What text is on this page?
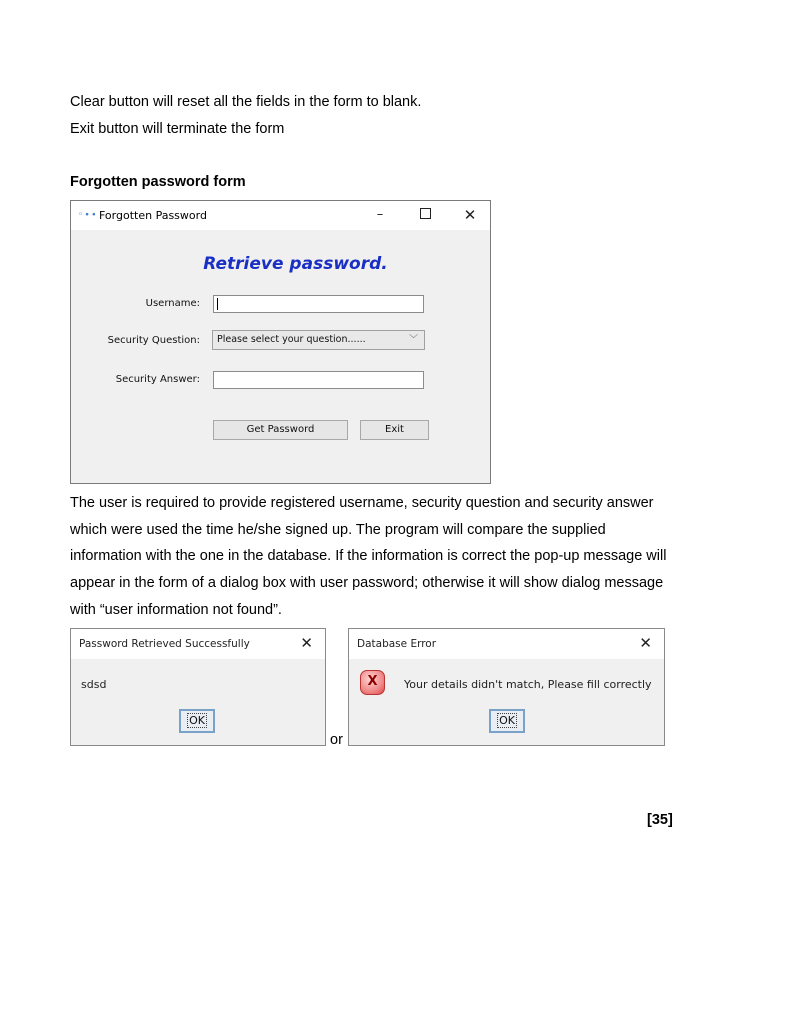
Clear button will reset all the fields in the form to blank.

Exit button will terminate the form

Forgotten password form

◦∙∙ Forgotten Password	–	✕
Retrieve password.
Username:
Security Question:	Please select your question......	﹀
Security Answer:
Get Password	Exit

The user is required to provide registered username, security question and security answer

which were used the time he/she signed up. The program will compare the supplied

information with the one in the database. If the information is correct the pop-up message will

appear in the form of a dialog box with user password; otherwise it will show dialog message

with “user information not found”.

Password Retrieved Successfully	✕
sdsd
OK
or
Database Error	✕
X	Your details didn't match, Please fill correctly
OK
[35]
